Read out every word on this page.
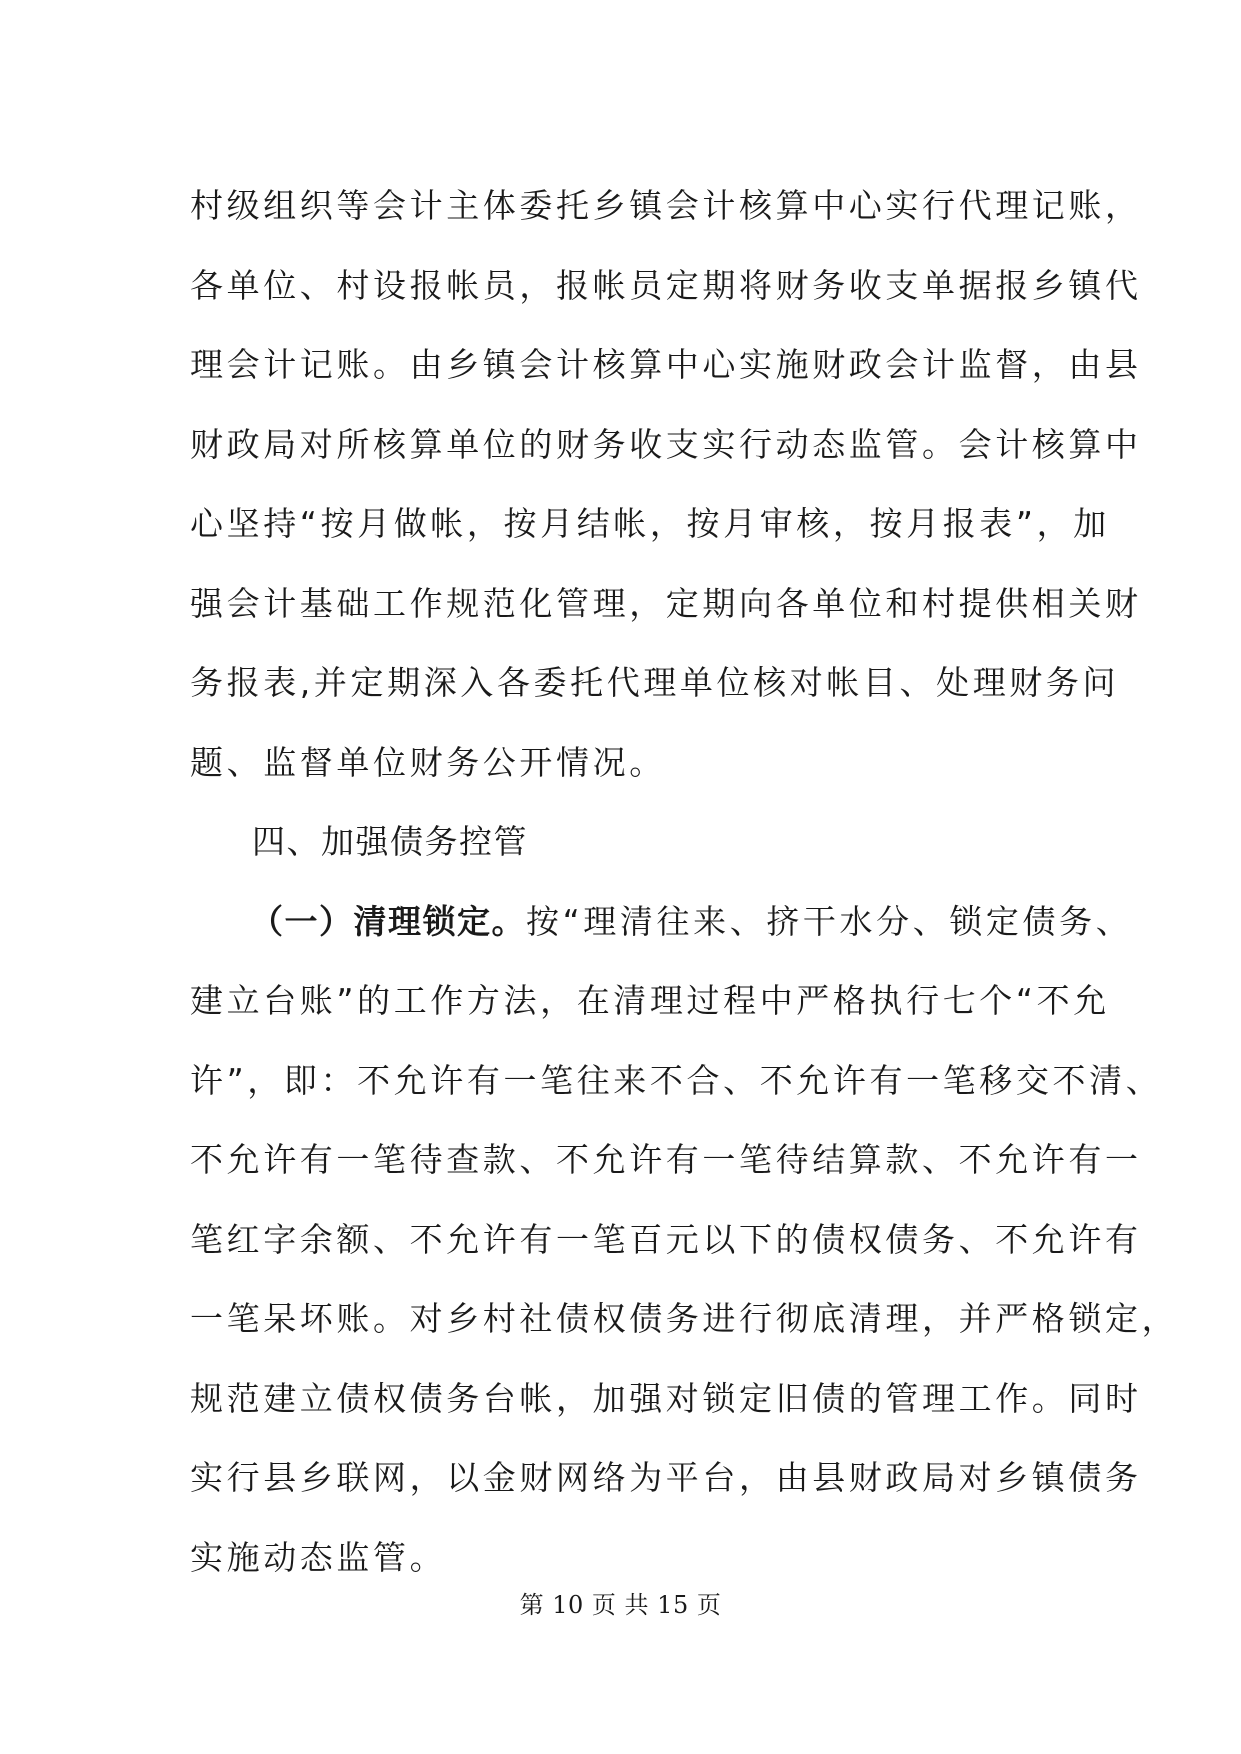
村级组织等会计主体委托乡镇会计核算中心实行代理记账，
各单位、村设报帐员，报帐员定期将财务收支单据报乡镇代
理会计记账。由乡镇会计核算中心实施财政会计监督，由县
财政局对所核算单位的财务收支实行动态监管。会计核算中
心坚持“按月做帐，按月结帐，按月审核，按月报表”，加
强会计基础工作规范化管理，定期向各单位和村提供相关财
务报表,并定期深入各委托代理单位核对帐目、处理财务问
题、监督单位财务公开情况。
四、加强债务控管
（一）清理锁定。按“理清往来、挤干水分、锁定债务、
建立台账”的工作方法，在清理过程中严格执行七个“不允
许”，即：不允许有一笔往来不合、不允许有一笔移交不清、
不允许有一笔待查款、不允许有一笔待结算款、不允许有一
笔红字余额、不允许有一笔百元以下的债权债务、不允许有
一笔呆坏账。对乡村社债权债务进行彻底清理，并严格锁定，
规范建立债权债务台帐，加强对锁定旧债的管理工作。同时
实行县乡联网，以金财网络为平台，由县财政局对乡镇债务
实施动态监管。
第 10 页 共 15 页
